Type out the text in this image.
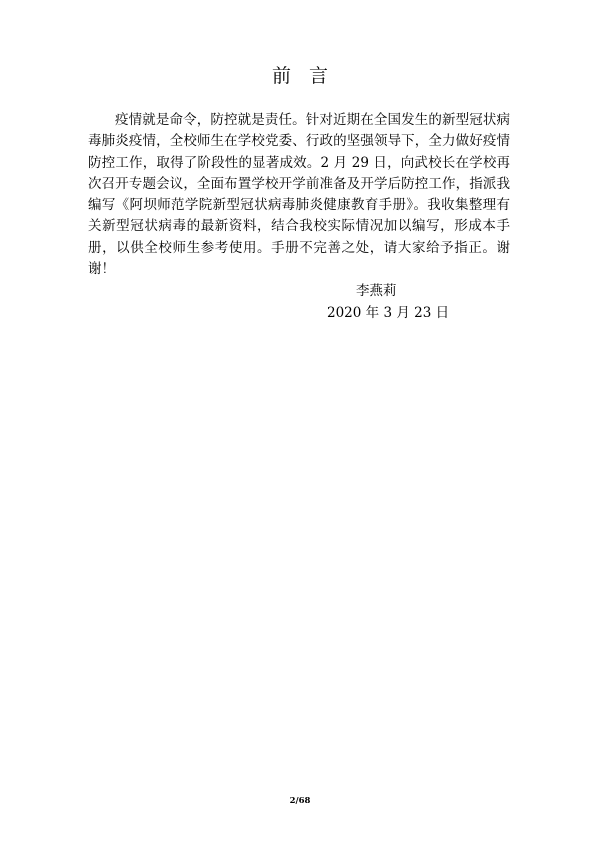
前言

疫情就是命令，防控就是责任。针对近期在全国发生的新型冠状病毒肺炎疫情，全校师生在学校党委、行政的坚强领导下，全力做好疫情防控工作，取得了阶段性的显著成效。2 月 29 日，向武校长在学校再次召开专题会议，全面布置学校开学前准备及开学后防控工作，指派我编写《阿坝师范学院新型冠状病毒肺炎健康教育手册》。我收集整理有关新型冠状病毒的最新资料，结合我校实际情况加以编写，形成本手册，以供全校师生参考使用。手册不完善之处，请大家给予指正。谢谢！

李燕莉
2020 年 3 月 23 日
2/68
